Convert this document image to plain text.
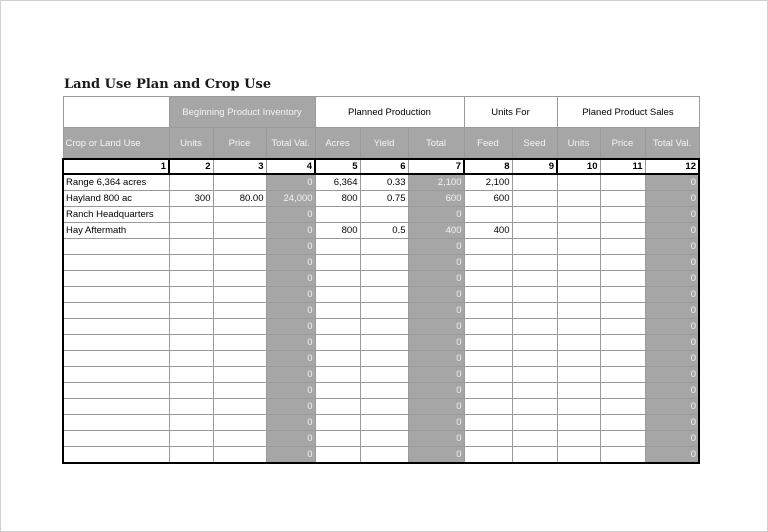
Land Use Plan and Crop Use
	Beginning Product Inventory			Planned Production			Units For		Planed Product Sales		
Crop or Land Use	Units	Price	Total Val.	Acres	Yield	Total	Feed	Seed	Units	Price	Total Val.
1	2	3	4	5	6	7	8	9	10	11	12
Range 6,364 acres			0	6,364	0.33	2,100	2,100				0
Hayland 800 ac	300	80.00	24,000	800	0.75	600	600				0
Ranch Headquarters			0			0					0
Hay Aftermath			0	800	0.5	400	400				0
			0			0					0
			0			0					0
			0			0					0
			0			0					0
			0			0					0
			0			0					0
			0			0					0
			0			0					0
			0			0					0
			0			0					0
			0			0					0
			0			0					0
			0			0					0
			0			0					0
